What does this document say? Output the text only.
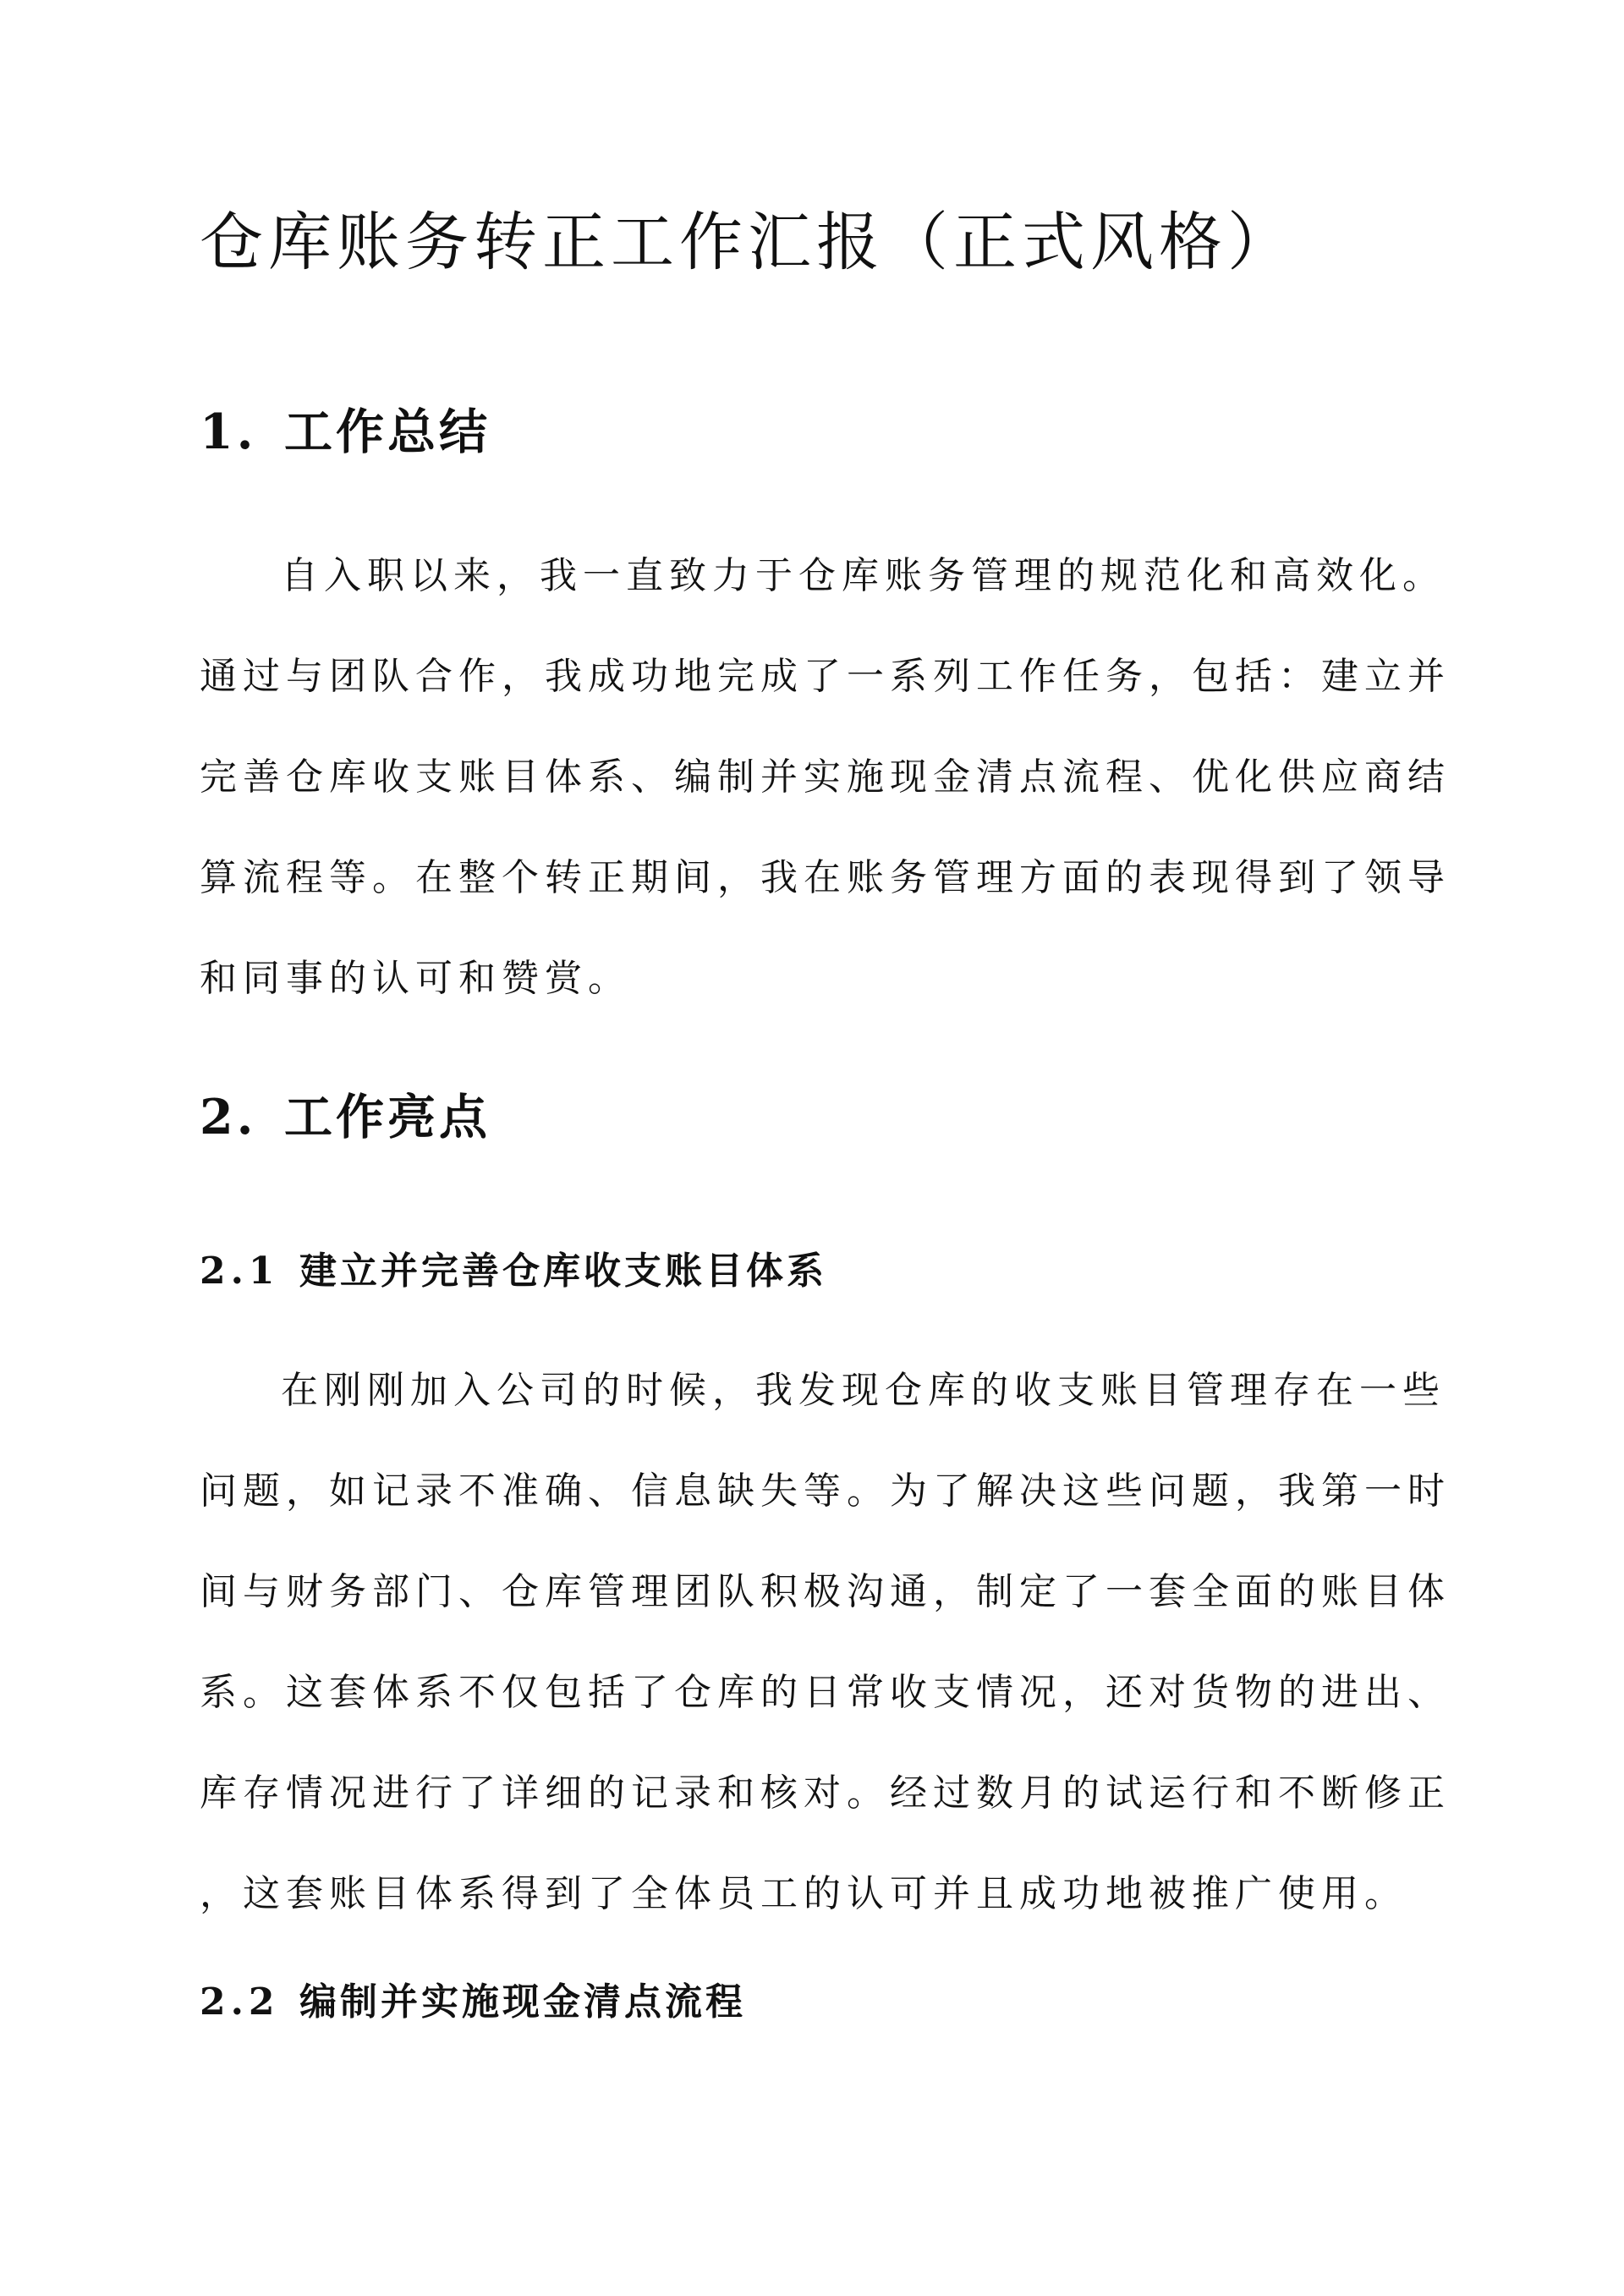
仓库账务转正工作汇报（正式风格）
1. 工作总结
自入职以来，我一直致力于仓库账务管理的规范化和高效化。
通过与团队合作，我成功地完成了一系列工作任务，包括：建立并
完善仓库收支账目体系、编制并实施现金清点流程、优化供应商结
算流程等。在整个转正期间，我在账务管理方面的表现得到了领导
和同事的认可和赞赏。
2. 工作亮点
2.1 建立并完善仓库收支账目体系
在刚刚加入公司的时候，我发现仓库的收支账目管理存在一些
问题，如记录不准确、信息缺失等。为了解决这些问题，我第一时
间与财务部门、仓库管理团队积极沟通，制定了一套全面的账目体
系。这套体系不仅包括了仓库的日常收支情况，还对货物的进出、
库存情况进行了详细的记录和核对。经过数月的试运行和不断修正
，这套账目体系得到了全体员工的认可并且成功地被推广使用。
2.2 编制并实施现金清点流程
